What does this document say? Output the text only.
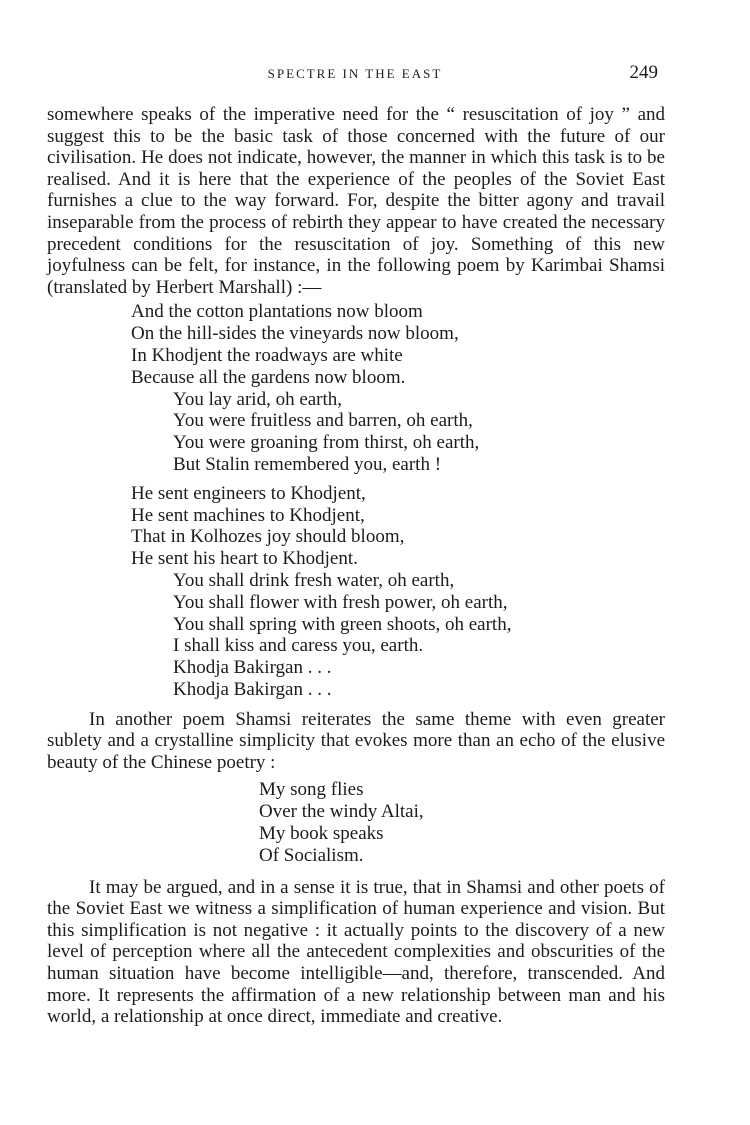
SPECTRE IN THE EAST	249

somewhere speaks of the imperative need for the “ resuscitation of joy ” and suggest this to be the basic task of those concerned with the future of our civilisation. He does not indicate, however, the manner in which this task is to be realised. And it is here that the experience of the peoples of the Soviet East furnishes a clue to the way forward. For, despite the bitter agony and travail inseparable from the process of rebirth they appear to have created the necessary precedent conditions for the resuscitation of joy. Something of this new joyfulness can be felt, for instance, in the following poem by Karimbai Shamsi (translated by Herbert Marshall) :—

And the cotton plantations now bloom
On the hill-sides the vineyards now bloom,
In Khodjent the roadways are white
Because all the gardens now bloom.
You lay arid, oh earth,
You were fruitless and barren, oh earth,
You were groaning from thirst, oh earth,
But Stalin remembered you, earth !
He sent engineers to Khodjent,
He sent machines to Khodjent,
That in Kolhozes joy should bloom,
He sent his heart to Khodjent.
You shall drink fresh water, oh earth,
You shall flower with fresh power, oh earth,
You shall spring with green shoots, oh earth,
I shall kiss and caress you, earth.
Khodja Bakirgan . . .
Khodja Bakirgan . . .

In another poem Shamsi reiterates the same theme with even greater sublety and a crystalline simplicity that evokes more than an echo of the elusive beauty of the Chinese poetry :

My song flies
Over the windy Altai,
My book speaks
Of Socialism.

It may be argued, and in a sense it is true, that in Shamsi and other poets of the Soviet East we witness a simplification of human experience and vision. But this simplification is not negative : it actually points to the discovery of a new level of perception where all the antecedent complexities and obscurities of the human situation have become intelligible—and, therefore, transcended. And more. It represents the affirmation of a new relationship between man and his world, a relationship at once direct, immediate and creative.
